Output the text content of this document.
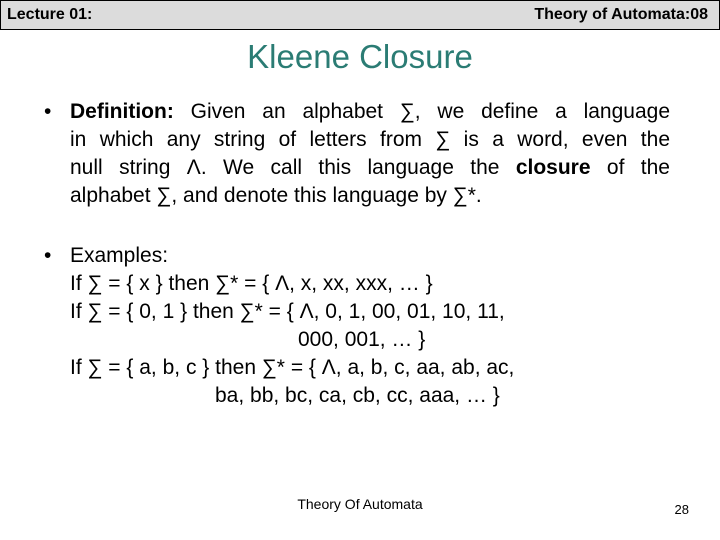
Lecture 01:	Theory of Automata:08
Kleene Closure
• Definition: Given an alphabet ∑, we define a language
in which any string of letters from ∑ is a word, even the
null string Λ. We call this language the closure of the
alphabet ∑, and denote this language by ∑*.
• Examples:
If ∑ = { x } then ∑* = { Λ, x, xx, xxx, … }
If ∑ = { 0, 1 } then ∑* = { Λ, 0, 1, 00, 01, 10, 11,
000, 001, … }
If ∑ = { a, b, c } then ∑* = { Λ, a, b, c, aa, ab, ac,
ba, bb, bc, ca, cb, cc, aaa, … }
Theory Of Automata	28
